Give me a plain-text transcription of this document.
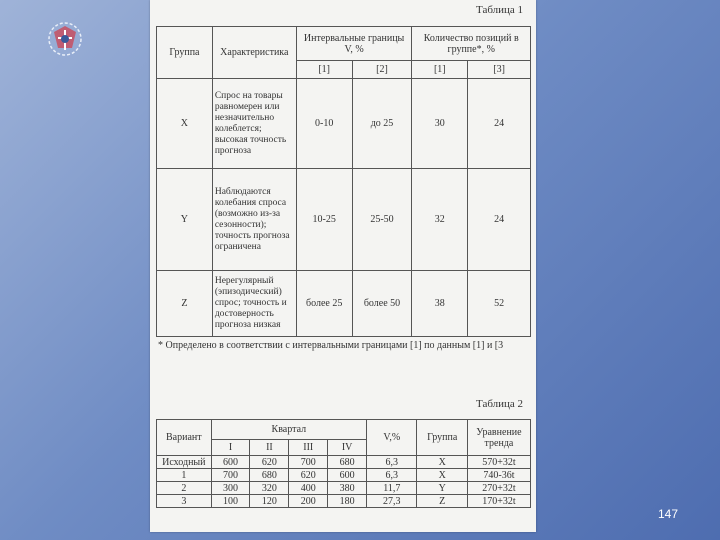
Таблица 1
Группа	Характеристика	Интервальные границы V, %		Количество позиций в группе*, %	
		[1]	[2]	[1]	[3]
X	Спрос на товары равномерен или незначительно колеблется; высокая точность прогноза	0-10	до 25	30	24
Y	Наблюдаются колебания спроса (возможно из-за сезонности); точность прогноза ограничена	10-25	25-50	32	24
Z	Нерегулярный (эпизодический) спрос; точность и достоверность прогноза низкая	более 25	более 50	38	52
* Определено в соответствии с интервальными границами [1] по данным [1] и [3
Таблица 2
Вариант	Квартал				V,%	Группа	Уравнение тренда
	I	II	III	IV			
Исходный	600	620	700	680	6,3	X	570+32t
1	700	680	620	600	6,3	X	740-36t
2	300	320	400	380	11,7	Y	270+32t
3	100	120	200	180	27,3	Z	170+32t
147
